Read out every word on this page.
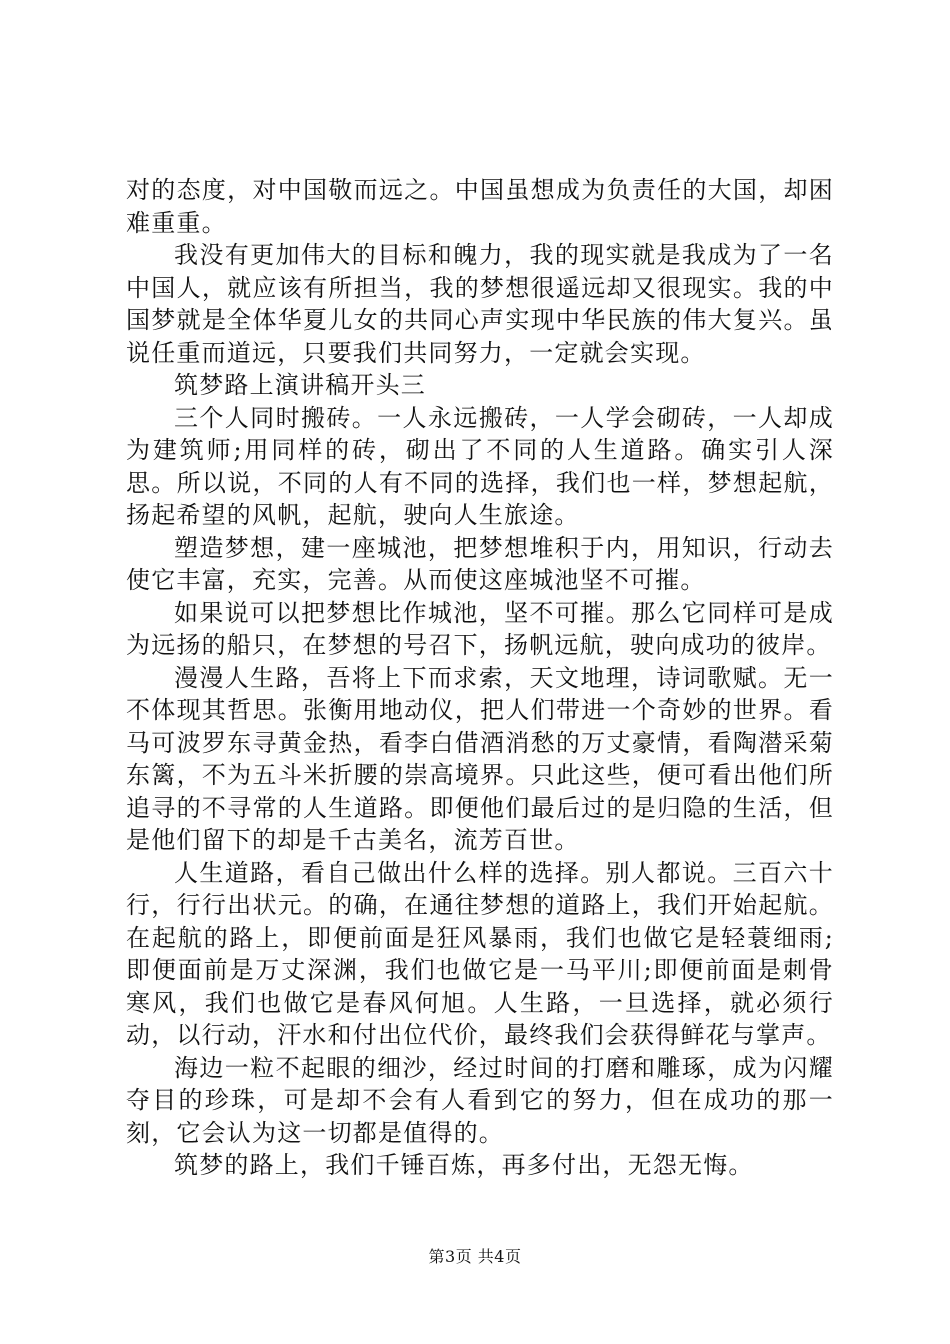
对的态度，对中国敬而远之。中国虽想成为负责任的大国，却困难重重。

我没有更加伟大的目标和魄力，我的现实就是我成为了一名中国人，就应该有所担当，我的梦想很遥远却又很现实。我的中国梦就是全体华夏儿女的共同心声实现中华民族的伟大复兴。虽说任重而道远，只要我们共同努力，一定就会实现。

筑梦路上演讲稿开头三

三个人同时搬砖。一人永远搬砖，一人学会砌砖，一人却成为建筑师;用同样的砖，砌出了不同的人生道路。确实引人深思。所以说，不同的人有不同的选择，我们也一样，梦想起航，扬起希望的风帆，起航，驶向人生旅途。

塑造梦想，建一座城池，把梦想堆积于内，用知识，行动去使它丰富，充实，完善。从而使这座城池坚不可摧。

如果说可以把梦想比作城池，坚不可摧。那么它同样可是成为远扬的船只，在梦想的号召下，扬帆远航，驶向成功的彼岸。

漫漫人生路，吾将上下而求索，天文地理，诗词歌赋。无一不体现其哲思。张衡用地动仪，把人们带进一个奇妙的世界。看马可波罗东寻黄金热，看李白借酒消愁的万丈豪情，看陶潜采菊东篱，不为五斗米折腰的崇高境界。只此这些，便可看出他们所追寻的不寻常的人生道路。即便他们最后过的是归隐的生活，但是他们留下的却是千古美名，流芳百世。

人生道路，看自己做出什么样的选择。别人都说。三百六十行，行行出状元。的确，在通往梦想的道路上，我们开始起航。在起航的路上，即便前面是狂风暴雨，我们也做它是轻蓑细雨;即便面前是万丈深渊，我们也做它是一马平川;即便前面是刺骨寒风，我们也做它是春风何旭。人生路，一旦选择，就必须行动，以行动，汗水和付出位代价，最终我们会获得鲜花与掌声。

海边一粒不起眼的细沙，经过时间的打磨和雕琢，成为闪耀夺目的珍珠，可是却不会有人看到它的努力，但在成功的那一刻，它会认为这一切都是值得的。

筑梦的路上，我们千锤百炼，再多付出，无怨无悔。

第3页 共4页
